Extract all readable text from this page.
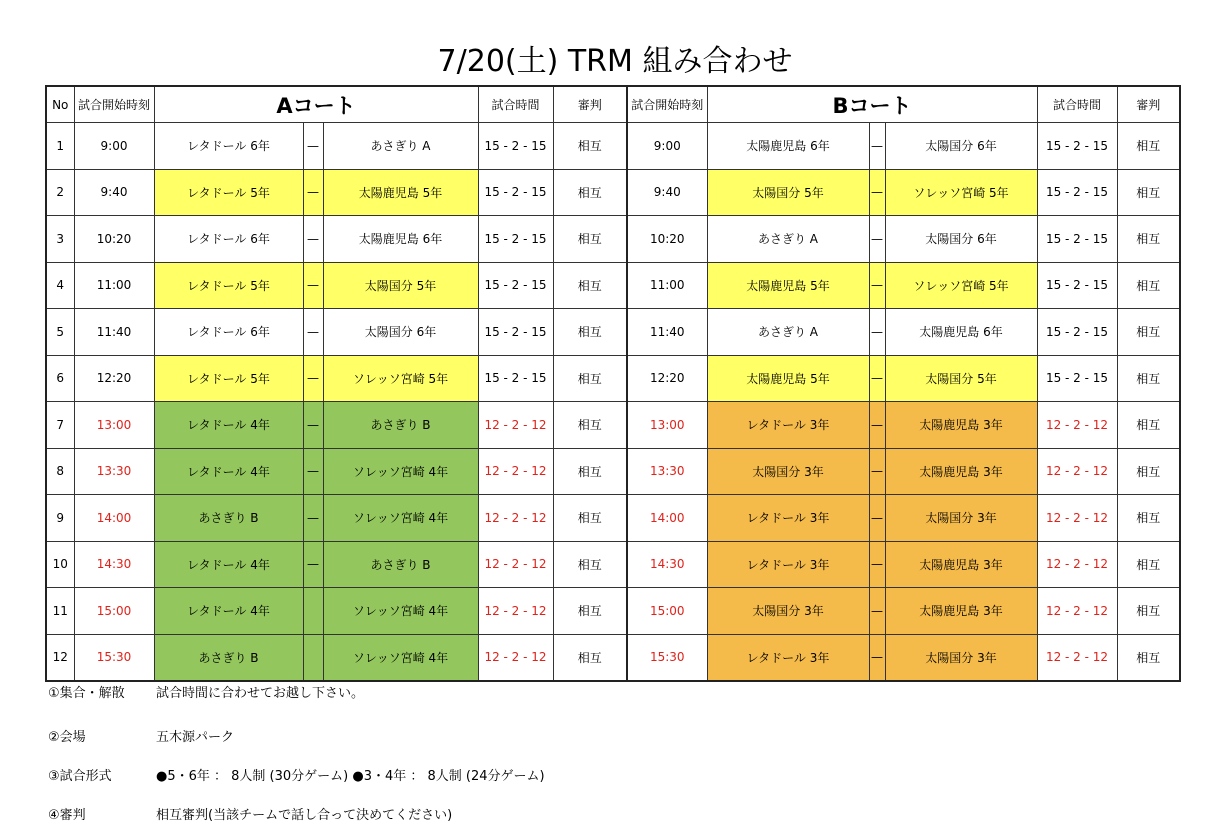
7/20(土) TRM 組み合わせ
No	試合開始時刻	Aコート			試合時間	審判	試合開始時刻	Bコート			試合時間	審判
1	9:00	レタドール 6年	—	あさぎり A	15 - 2 - 15	相互	9:00	太陽鹿児島 6年	—	太陽国分 6年	15 - 2 - 15	相互
2	9:40	レタドール 5年	—	太陽鹿児島 5年	15 - 2 - 15	相互	9:40	太陽国分 5年	—	ソレッソ宮崎 5年	15 - 2 - 15	相互
3	10:20	レタドール 6年	—	太陽鹿児島 6年	15 - 2 - 15	相互	10:20	あさぎり A	—	太陽国分 6年	15 - 2 - 15	相互
4	11:00	レタドール 5年	—	太陽国分 5年	15 - 2 - 15	相互	11:00	太陽鹿児島 5年	—	ソレッソ宮崎 5年	15 - 2 - 15	相互
5	11:40	レタドール 6年	—	太陽国分 6年	15 - 2 - 15	相互	11:40	あさぎり A	—	太陽鹿児島 6年	15 - 2 - 15	相互
6	12:20	レタドール 5年	—	ソレッソ宮崎 5年	15 - 2 - 15	相互	12:20	太陽鹿児島 5年	—	太陽国分 5年	15 - 2 - 15	相互
7	13:00	レタドール 4年	—	あさぎり B	12 - 2 - 12	相互	13:00	レタドール 3年	—	太陽鹿児島 3年	12 - 2 - 12	相互
8	13:30	レタドール 4年	—	ソレッソ宮崎 4年	12 - 2 - 12	相互	13:30	太陽国分 3年	—	太陽鹿児島 3年	12 - 2 - 12	相互
9	14:00	あさぎり B	—	ソレッソ宮崎 4年	12 - 2 - 12	相互	14:00	レタドール 3年	—	太陽国分 3年	12 - 2 - 12	相互
10	14:30	レタドール 4年	—	あさぎり B	12 - 2 - 12	相互	14:30	レタドール 3年	—	太陽鹿児島 3年	12 - 2 - 12	相互
11	15:00	レタドール 4年		ソレッソ宮崎 4年	12 - 2 - 12	相互	15:00	太陽国分 3年	—	太陽鹿児島 3年	12 - 2 - 12	相互
12	15:30	あさぎり B		ソレッソ宮崎 4年	12 - 2 - 12	相互	15:30	レタドール 3年	—	太陽国分 3年	12 - 2 - 12	相互
①集合・解散 試合時間に合わせてお越し下さい。
②会場	五木源パーク
③試合形式	●5・6年 ： 8人制 (30分ゲーム) ●3・4年 ： 8人制 (24分ゲーム)
④審判	相互審判(当該チームで話し合って決めてください)
